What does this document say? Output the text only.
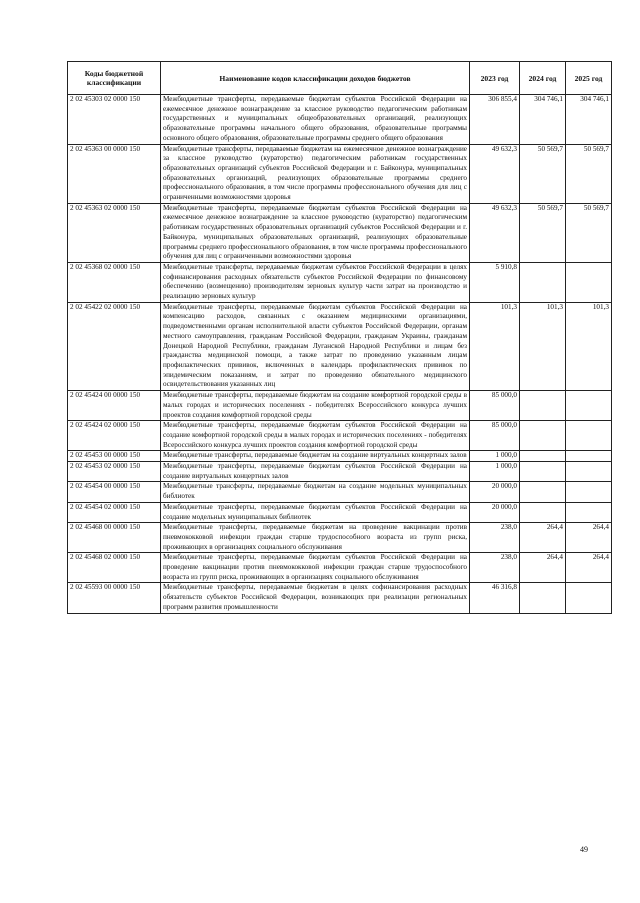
Коды бюджетной классификации	Наименование кодов классификации доходов бюджетов	2023 год	2024 год	2025 год
2 02 45303 02 0000 150	Межбюджетные трансферты, передаваемые бюджетам субъектов Российской Федерации на ежемесячное денежное вознаграждение за классное руководство педагогическим работникам государственных и муниципальных общеобразовательных организаций, реализующих образовательные программы начального общего образования, образовательные программы основного общего образования, образовательные программы среднего общего образования	306 855,4	304 746,1	304 746,1
2 02 45363 00 0000 150	Межбюджетные трансферты, передаваемые бюджетам на ежемесячное денежное вознаграждение за классное руководство (кураторство) педагогическим работникам государственных образовательных организаций субъектов Российской Федерации и г. Байконура, муниципальных образовательных организаций, реализующих образовательные программы среднего профессионального образования, в том числе программы профессионального обучения для лиц с ограниченными возможностями здоровья	49 632,3	50 569,7	50 569,7
2 02 45363 02 0000 150	Межбюджетные трансферты, передаваемые бюджетам субъектов Российской Федерации на ежемесячное денежное вознаграждение за классное руководство (кураторство) педагогическим работникам государственных образовательных организаций субъектов Российской Федерации и г. Байконура, муниципальных образовательных организаций, реализующих образовательные программы среднего профессионального образования, в том числе программы профессионального обучения для лиц с ограниченными возможностями здоровья	49 632,3	50 569,7	50 569,7
2 02 45368 02 0000 150	Межбюджетные трансферты, передаваемые бюджетам субъектов Российской Федерации в целях софинансирования расходных обязательств субъектов Российской Федерации по финансовому обеспечению (возмещению) производителям зерновых культур части затрат на производство и реализацию зерновых культур	5 910,8		
2 02 45422 02 0000 150	Межбюджетные трансферты, передаваемые бюджетам субъектов Российской Федерации на компенсацию расходов, связанных с оказанием медицинскими организациями, подведомственными органам исполнительной власти субъектов Российской Федерации, органам местного самоуправления, гражданам Российской Федерации, гражданам Украины, гражданам Донецкой Народной Республики, гражданам Луганской Народной Республики и лицам без гражданства медицинской помощи, а также затрат по проведению указанным лицам профилактических прививок, включенных в календарь профилактических прививок по эпидемическим показаниям, и затрат по проведению обязательного медицинского освидетельствования указанных лиц	101,3	101,3	101,3
2 02 45424 00 0000 150	Межбюджетные трансферты, передаваемые бюджетам на создание комфортной городской среды в малых городах и исторических поселениях - победителях Всероссийского конкурса лучших проектов создания комфортной городской среды	85 000,0		
2 02 45424 02 0000 150	Межбюджетные трансферты, передаваемые бюджетам субъектов Российской Федерации на создание комфортной городской среды в малых городах и исторических поселениях - победителях Всероссийского конкурса лучших проектов создания комфортной городской среды	85 000,0		
2 02 45453 00 0000 150	Межбюджетные трансферты, передаваемые бюджетам на создание виртуальных концертных залов	1 000,0		
2 02 45453 02 0000 150	Межбюджетные трансферты, передаваемые бюджетам субъектов Российской Федерации на создание виртуальных концертных залов	1 000,0		
2 02 45454 00 0000 150	Межбюджетные трансферты, передаваемые бюджетам на создание модельных муниципальных библиотек	20 000,0		
2 02 45454 02 0000 150	Межбюджетные трансферты, передаваемые бюджетам субъектов Российской Федерации на создание модельных муниципальных библиотек	20 000,0		
2 02 45468 00 0000 150	Межбюджетные трансферты, передаваемые бюджетам на проведение вакцинации против пневмококковой инфекции граждан старше трудоспособного возраста из групп риска, проживающих в организациях социального обслуживания	238,0	264,4	264,4
2 02 45468 02 0000 150	Межбюджетные трансферты, передаваемые бюджетам субъектов Российской Федерации на проведение вакцинации против пневмококковой инфекции граждан старше трудоспособного возраста из групп риска, проживающих в организациях социального обслуживания	238,0	264,4	264,4
2 02 45593 00 0000 150	Межбюджетные трансферты, передаваемые бюджетам в целях софинансирования расходных обязательств субъектов Российской Федерации, возникающих при реализации региональных программ развития промышленности	46 316,8		
49
